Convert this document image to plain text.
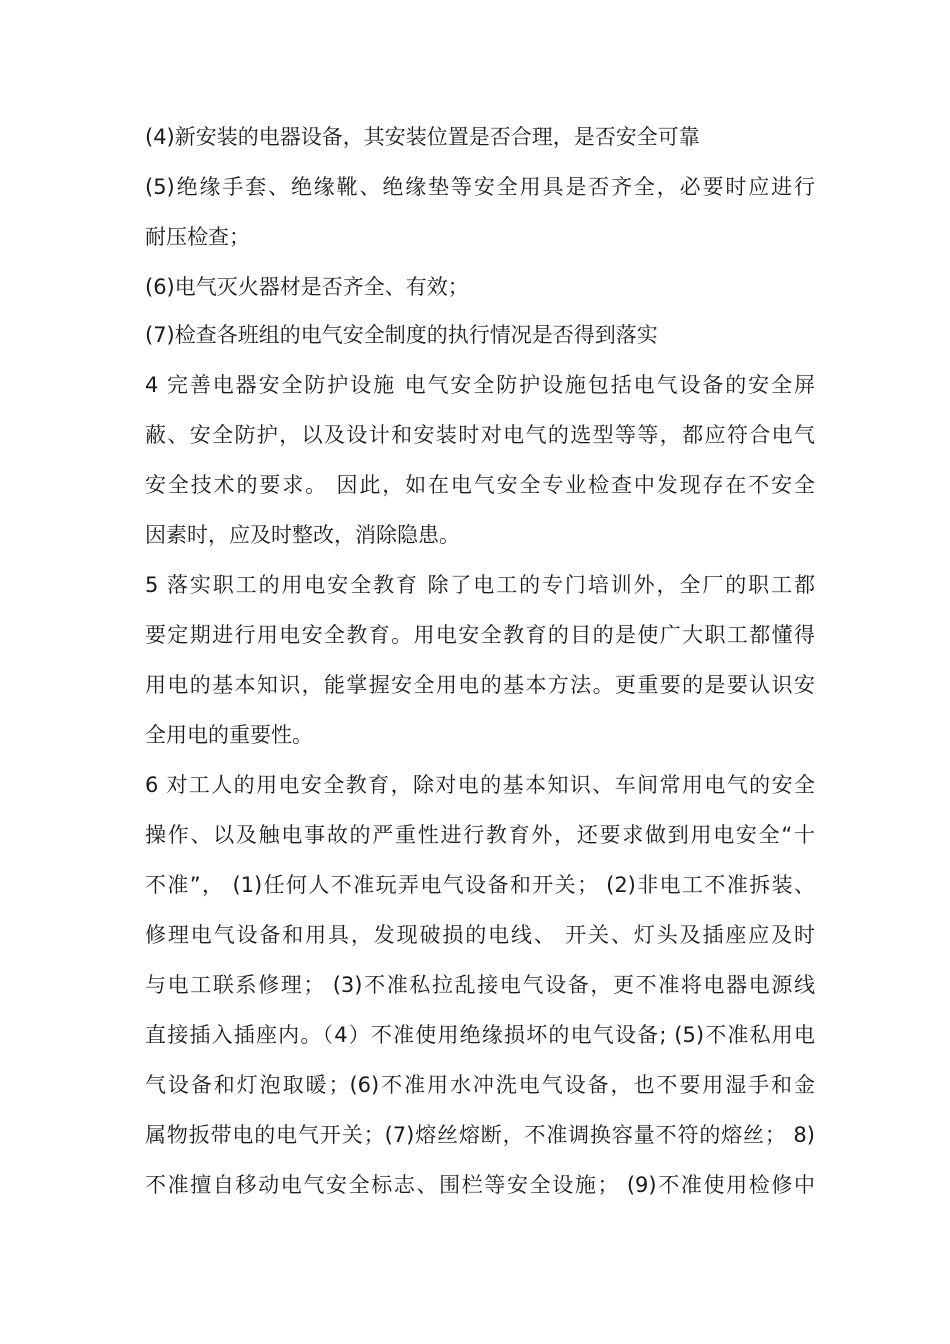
(4)新安装的电器设备，其安装位置是否合理，是否安全可靠
(5)绝缘手套、绝缘靴、绝缘垫等安全用具是否齐全，必要时应进行
耐压检查；
(6)电气灭火器材是否齐全、有效；
(7)检查各班组的电气安全制度的执行情况是否得到落实
4 完善电器安全防护设施 电气安全防护设施包括电气设备的安全屏
蔽、安全防护，以及设计和安装时对电气的选型等等，都应符合电气
安全技术的要求。 因此，如在电气安全专业检查中发现存在不安全
因素时，应及时整改，消除隐患。
5 落实职工的用电安全教育 除了电工的专门培训外，全厂的职工都
要定期进行用电安全教育。用电安全教育的目的是使广大职工都懂得
用电的基本知识，能掌握安全用电的基本方法。更重要的是要认识安
全用电的重要性。
6 对工人的用电安全教育，除对电的基本知识、车间常用电气的安全
操作、以及触电事故的严重性进行教育外，还要求做到用电安全“十
不准”， (1)任何人不准玩弄电气设备和开关； (2)非电工不准拆装、
修理电气设备和用具，发现破损的电线、 开关、灯头及插座应及时
与电工联系修理； (3)不准私拉乱接电气设备，更不准将电器电源线
直接插入插座内。（4）不准使用绝缘损坏的电气设备; (5)不准私用电
气设备和灯泡取暖；(6)不准用水冲洗电气设备，也不要用湿手和金
属物扳带电的电气开关；(7)熔丝熔断，不准调换容量不符的熔丝； 8)
不准擅自移动电气安全标志、围栏等安全设施； (9)不准使用检修中
